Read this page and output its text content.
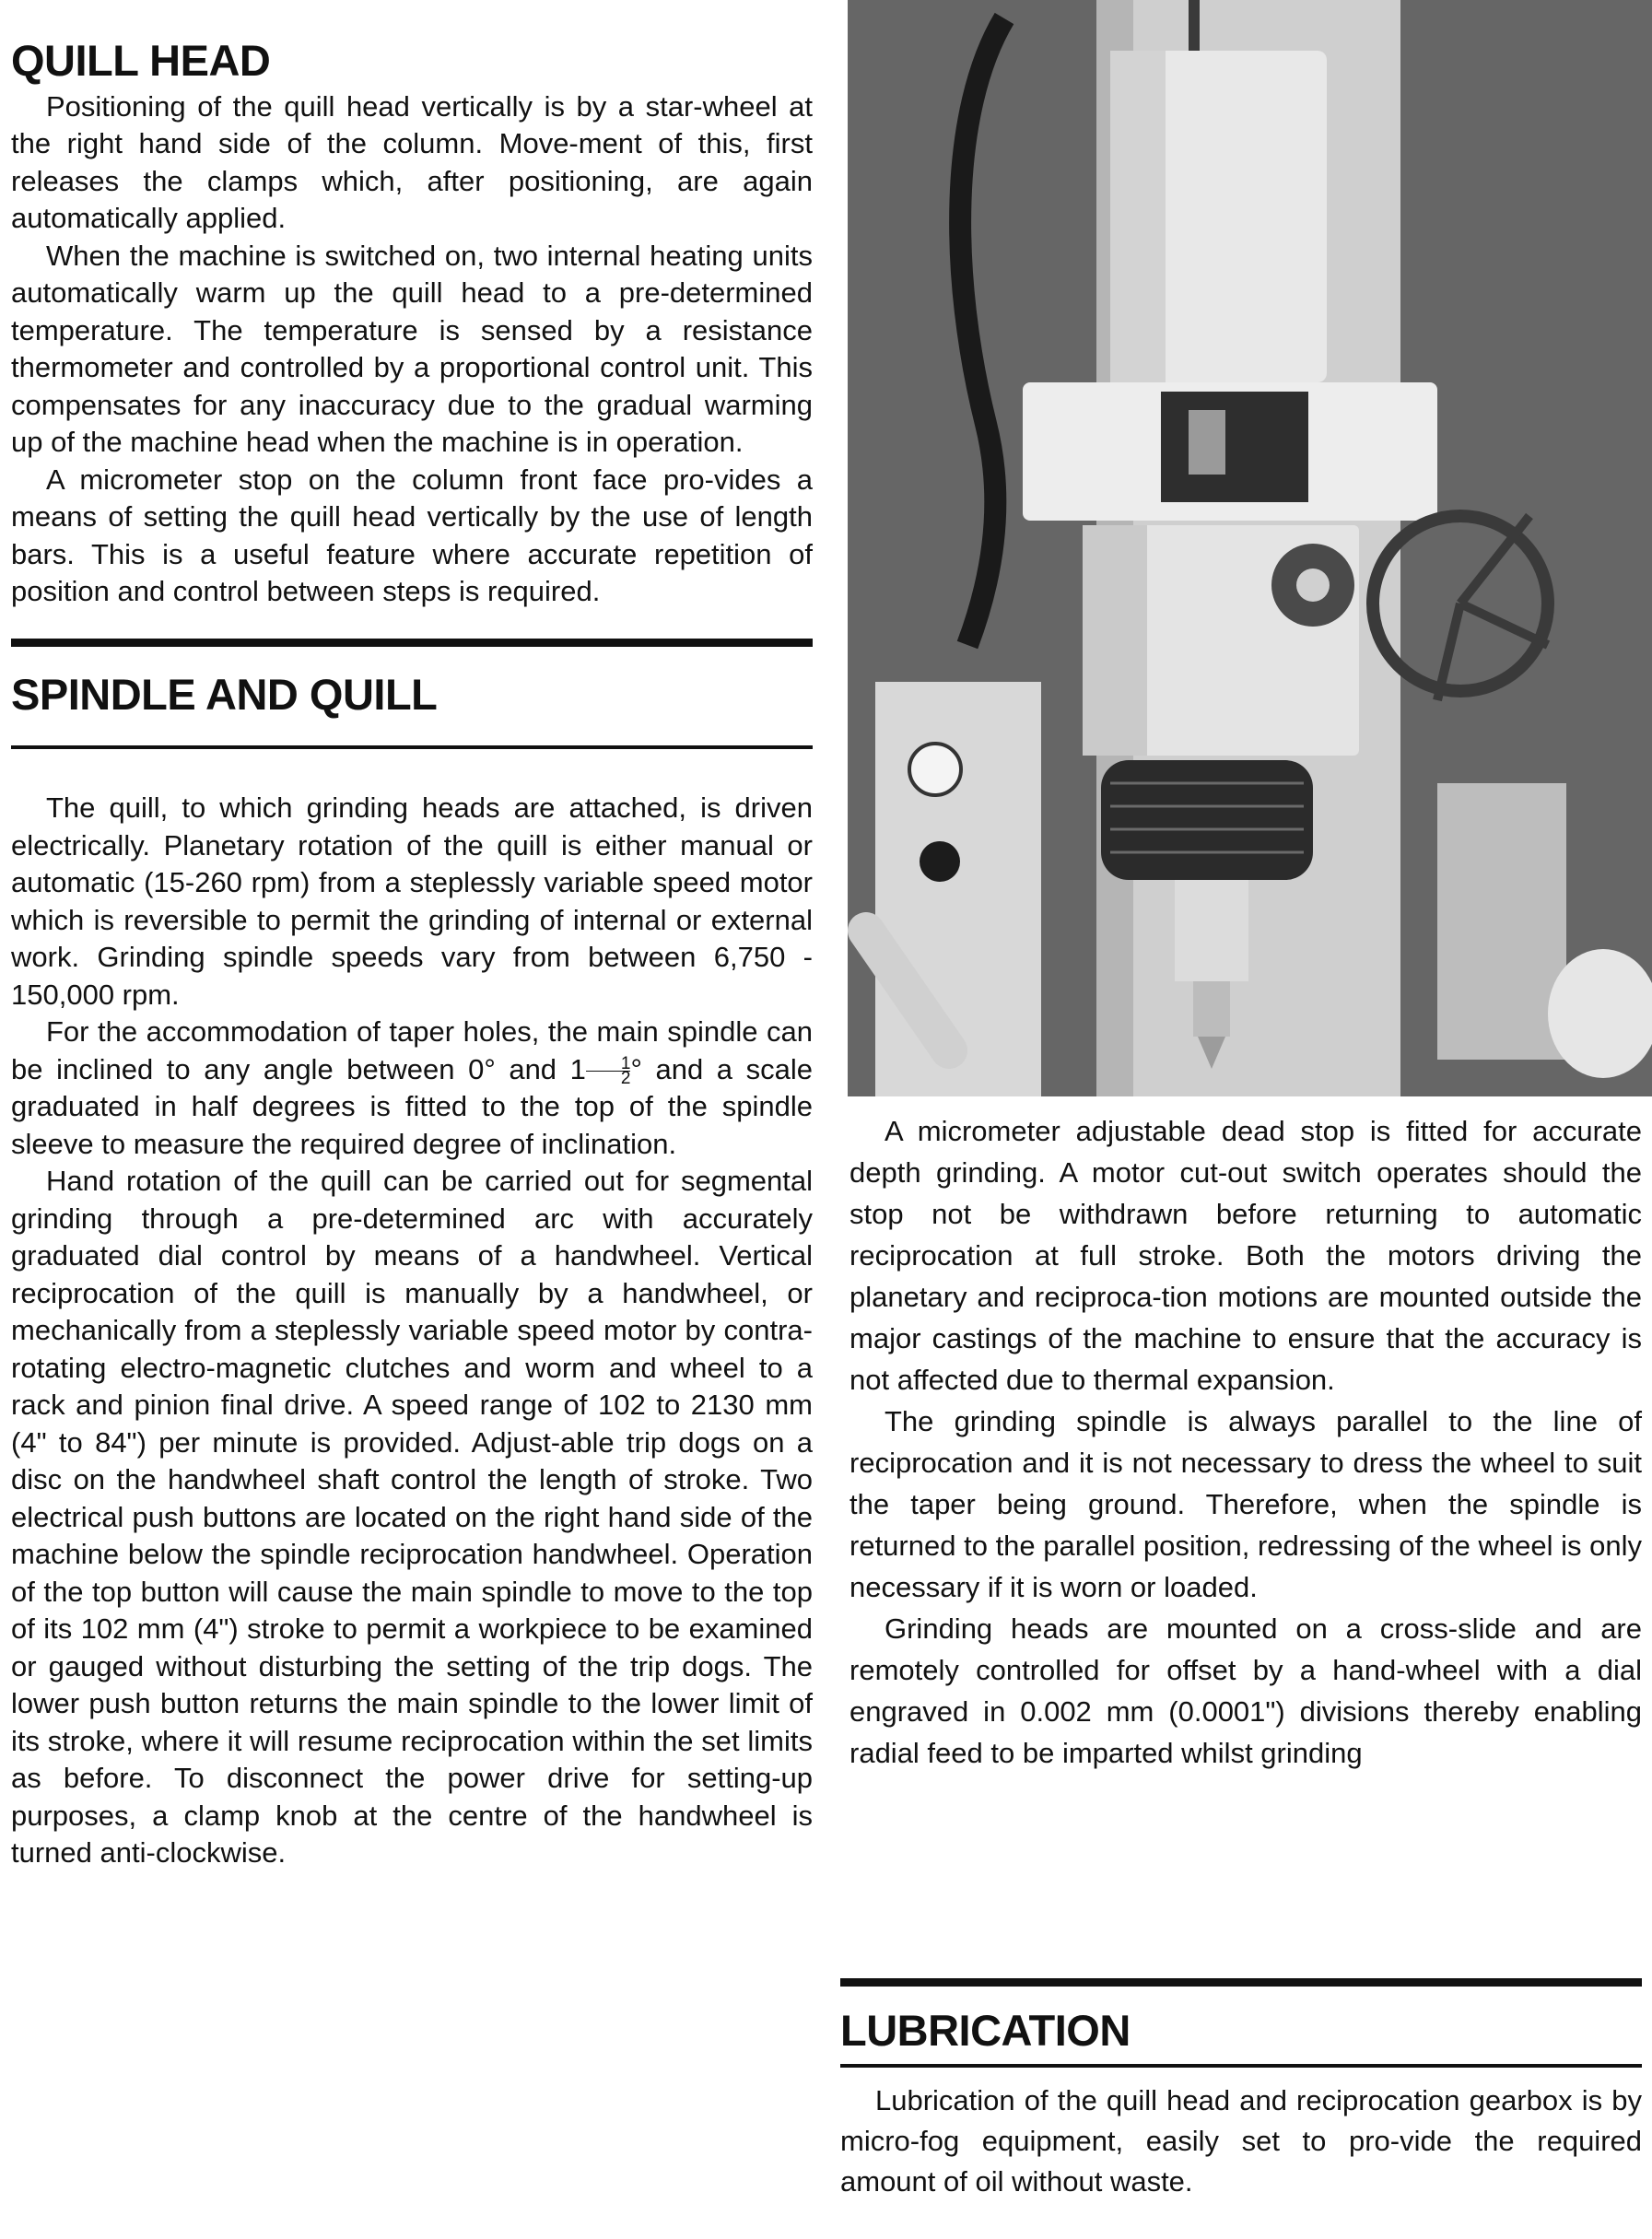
QUILL HEAD

Positioning of the quill head vertically is by a star-wheel at the right hand side of the column. Move-ment of this, first releases the clamps which, after positioning, are again automatically applied.

When the machine is switched on, two internal heating units automatically warm up the quill head to a pre-determined temperature. The temperature is sensed by a resistance thermometer and controlled by a proportional control unit. This compensates for any inaccuracy due to the gradual warming up of the machine head when the machine is in operation.

A micrometer stop on the column front face pro-vides a means of setting the quill head vertically by the use of length bars. This is a useful feature where accurate repetition of position and control between steps is required.

SPINDLE AND QUILL

The quill, to which grinding heads are attached, is driven electrically. Planetary rotation of the quill is either manual or automatic (15-260 rpm) from a steplessly variable speed motor which is reversible to permit the grinding of internal or external work. Grinding spindle speeds vary from between 6,750 - 150,000 rpm.

For the accommodation of taper holes, the main spindle can be inclined to any angle between 0° and $1 \frac{1}{2}$ ° and a scale graduated in half degrees is fitted to the top of the spindle sleeve to measure the required degree of inclination.

Hand rotation of the quill can be carried out for segmental grinding through a pre-determined arc with accurately graduated dial control by means of a handwheel. Vertical reciprocation of the quill is manually by a handwheel, or mechanically from a steplessly variable speed motor by contra-rotating electro-magnetic clutches and worm and wheel to a rack and pinion final drive. A speed range of 102 to 2130 mm (4" to 84") per minute is provided. Adjust-able trip dogs on a disc on the handwheel shaft control the length of stroke. Two electrical push buttons are located on the right hand side of the machine below the spindle reciprocation handwheel. Operation of the top button will cause the main spindle to move to the top of its 102 mm (4") stroke to permit a workpiece to be examined or gauged without disturbing the setting of the trip dogs. The lower push button returns the main spindle to the lower limit of its stroke, where it will resume reciprocation within the set limits as before. To disconnect the power drive for setting-up purposes, a clamp knob at the centre of the handwheel is turned anti-clockwise.

A micrometer adjustable dead stop is fitted for accurate depth grinding. A motor cut-out switch operates should the stop not be withdrawn before returning to automatic reciprocation at full stroke. Both the motors driving the planetary and reciproca-tion motions are mounted outside the major castings of the machine to ensure that the accuracy is not affected due to thermal expansion.

The grinding spindle is always parallel to the line of reciprocation and it is not necessary to dress the wheel to suit the taper being ground. Therefore, when the spindle is returned to the parallel position, redressing of the wheel is only necessary if it is worn or loaded.

Grinding heads are mounted on a cross-slide and are remotely controlled for offset by a hand-wheel with a dial engraved in 0.002 mm (0.0001") divisions thereby enabling radial feed to be imparted whilst grinding

LUBRICATION

Lubrication of the quill head and reciprocation gearbox is by micro-fog equipment, easily set to pro-vide the required amount of oil without waste.
